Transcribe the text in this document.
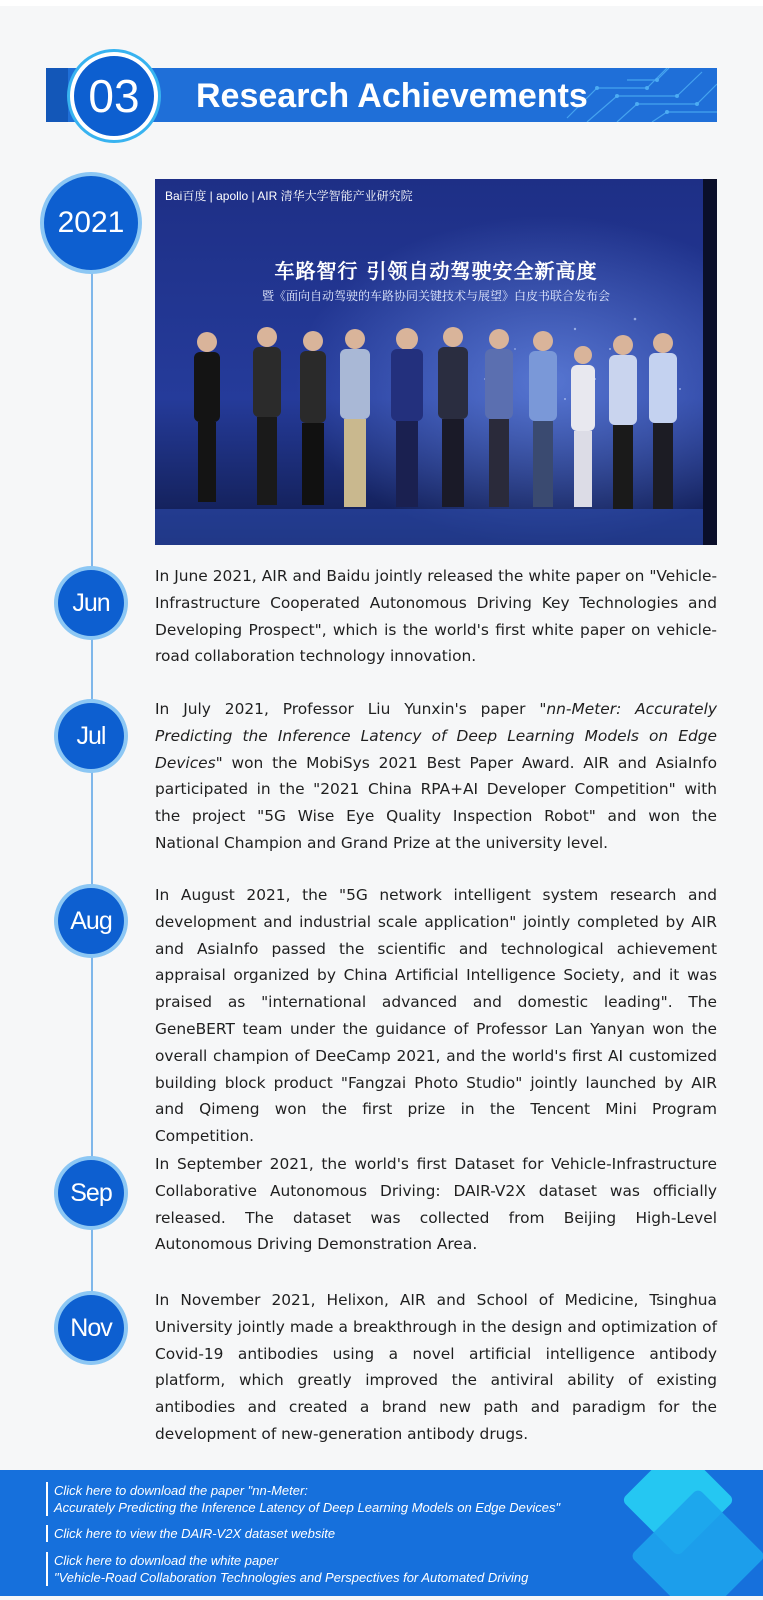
03	Research Achievements
2021
Bai百度 | apollo | AIR 清华大学智能产业研究院
车路智行 引领自动驾驶安全新高度
暨《面向自动驾驶的车路协同关键技术与展望》白皮书联合发布会
Jun

In June 2021, AIR and Baidu jointly released the white paper on "Vehicle-Infrastructure Cooperated Autonomous Driving Key Technologies and Developing Prospect", which is the world's first white paper on vehicle-road collaboration technology innovation.

Jul

In July 2021, Professor Liu Yunxin's paper "nn-Meter: Accurately Predicting the Inference Latency of Deep Learning Models on Edge Devices" won the MobiSys 2021 Best Paper Award. AIR and AsiaInfo participated in the "2021 China RPA+AI Developer Competition" with the project "5G Wise Eye Quality Inspection Robot" and won the National Champion and Grand Prize at the university level.

Aug

In August 2021, the "5G network intelligent system research and development and industrial scale application" jointly completed by AIR and AsiaInfo passed the scientific and technological achievement appraisal organized by China Artificial Intelligence Society, and it was praised as "international advanced and domestic leading". The GeneBERT team under the guidance of Professor Lan Yanyan won the overall champion of DeeCamp 2021, and the world's first AI customized building block product "Fangzai Photo Studio" jointly launched by AIR and Qimeng won the first prize in the Tencent Mini Program Competition.

Sep

In September 2021, the world's first Dataset for Vehicle-Infrastructure Collaborative Autonomous Driving: DAIR-V2X dataset was officially released. The dataset was collected from Beijing High-Level Autonomous Driving Demonstration Area.

Nov

In November 2021, Helixon, AIR and School of Medicine, Tsinghua University jointly made a breakthrough in the design and optimization of Covid-19 antibodies using a novel artificial intelligence antibody platform, which greatly improved the antiviral ability of existing antibodies and created a brand new path and paradigm for the development of new-generation antibody drugs.

Click here to download the paper "nn-Meter:
Accurately Predicting the Inference Latency of Deep Learning Models on Edge Devices"
Click here to view the DAIR-V2X dataset website
Click here to download the white paper
"Vehicle-Road Collaboration Technologies and Perspectives for Automated Driving
